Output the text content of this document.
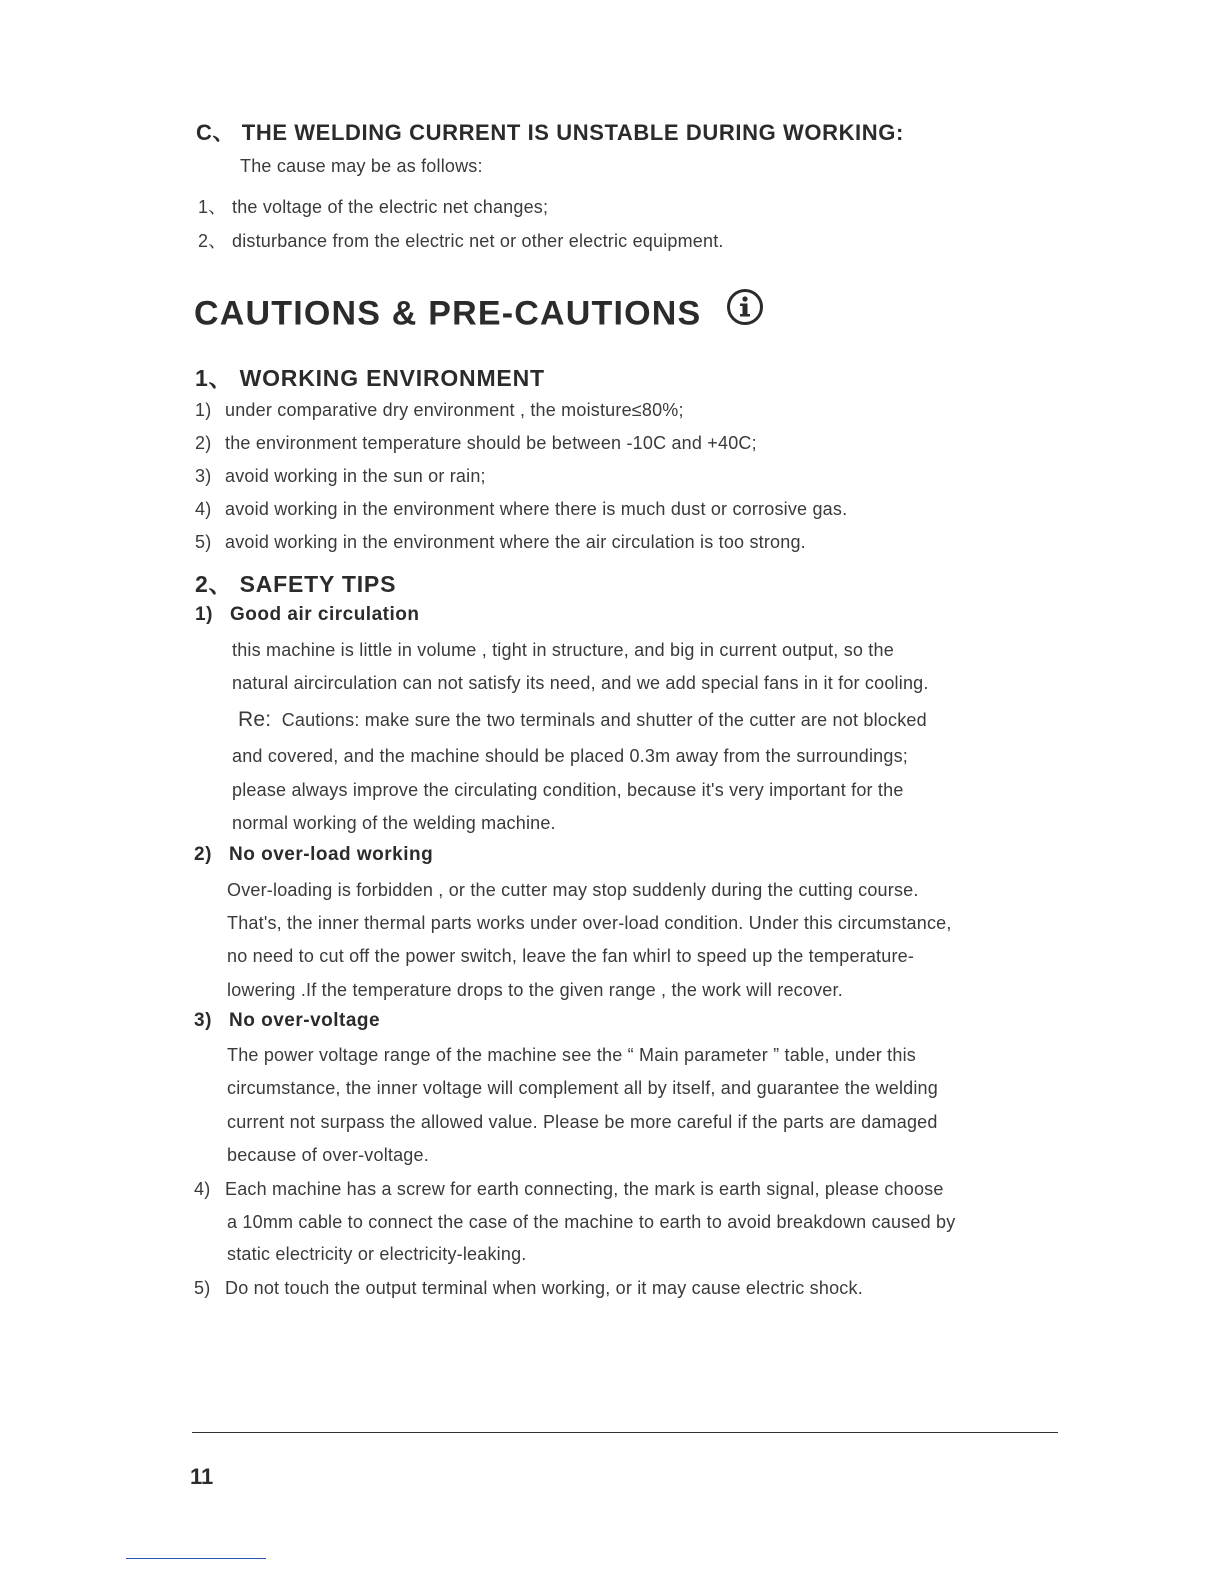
C、 THE WELDING CURRENT IS UNSTABLE DURING WORKING:
The cause may be as follows:
1、 the voltage of the electric net changes;
2、 disturbance from the electric net or other electric equipment.
CAUTIONS & PRE-CAUTIONS
1、 WORKING ENVIRONMENT
1) under comparative dry environment , the moisture≤80%;
2) the environment temperature should be between -10C and +40C;
3) avoid working in the sun or rain;
4) avoid working in the environment where there is much dust or corrosive gas.
5) avoid working in the environment where the air circulation is too strong.
2、 SAFETY TIPS
1) Good air circulation
this machine is little in volume , tight in structure, and big in current output, so the
natural aircirculation can not satisfy its need, and we add special fans in it for cooling.
Re: Cautions: make sure the two terminals and shutter of the cutter are not blocked
and covered, and the machine should be placed 0.3m away from the surroundings;
please always improve the circulating condition, because it's very important for the
normal working of the welding machine.
2) No over-load working
Over-loading is forbidden , or the cutter may stop suddenly during the cutting course.
That's, the inner thermal parts works under over-load condition. Under this circumstance,
no need to cut off the power switch, leave the fan whirl to speed up the temperature-
lowering .If the temperature drops to the given range , the work will recover.
3) No over-voltage
The power voltage range of the machine see the “ Main parameter ” table, under this
circumstance, the inner voltage will complement all by itself, and guarantee the welding
current not surpass the allowed value. Please be more careful if the parts are damaged
because of over-voltage.
4) Each machine has a screw for earth connecting, the mark is earth signal, please choose
a 10mm cable to connect the case of the machine to earth to avoid breakdown caused by
static electricity or electricity-leaking.
5) Do not touch the output terminal when working, or it may cause electric shock.
11
